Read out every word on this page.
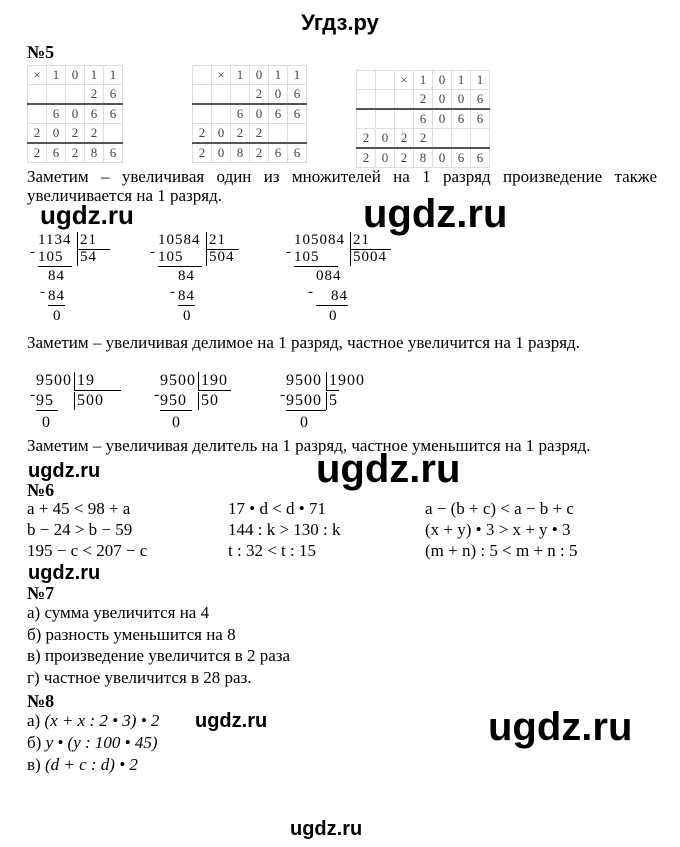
Угдз.ру
№5
×	1	0	1	1
			2	6
	6	0	6	6
2	0	2	2	
2	6	2	8	6
	×	1	0	1	1
			2	0	6
		6	0	6	6
2	0	2	2		
2	0	8	2	6	6
		×	1	0	1	1
			2	0	0	6
			6	0	6	6
2	0	2	2			
2	0	2	8	0	6	6
Заметим – увеличивая один из множителей на 1 разряд произведение также увеличивается на 1 разряд.
ugdz.ru	ugdz.ru
1134 21
- 105	54
84
- 84
0
10584 21
- 105	504
84
- 84
0
105084 21
- 105	5004
084
-	84
0
Заметим – увеличивая делимое на 1 разряд, частное увеличится на 1 разряд.
9500 19
- 95 500
0
9500 190
- 950 50
0
9500 1900
- 9500 5
0
Заметим – увеличивая делитель на 1 разряд, частное уменьшится на 1 разряд.
ugdz.ru	ugdz.ru
№6
a + 45 < 98 + a	17 • d < d • 71	a − (b + c) < a − b + c
b − 24 > b − 59	144 : k > 130 : k	(x + y) • 3 > x + y • 3
195 − c < 207 − c	t : 32 < t : 15	(m + n) : 5 < m + n : 5
ugdz.ru
№7
а) сумма увеличится на 4
б) разность уменьшится на 8
в) произведение увеличится в 2 раза
г) частное увеличится в 28 раз.
№8
ugdz.ru	ugdz.ru
а) (x + x : 2 • 3) • 2
б) y • (y : 100 • 45)
в) (d + c : d) • 2
ugdz.ru
